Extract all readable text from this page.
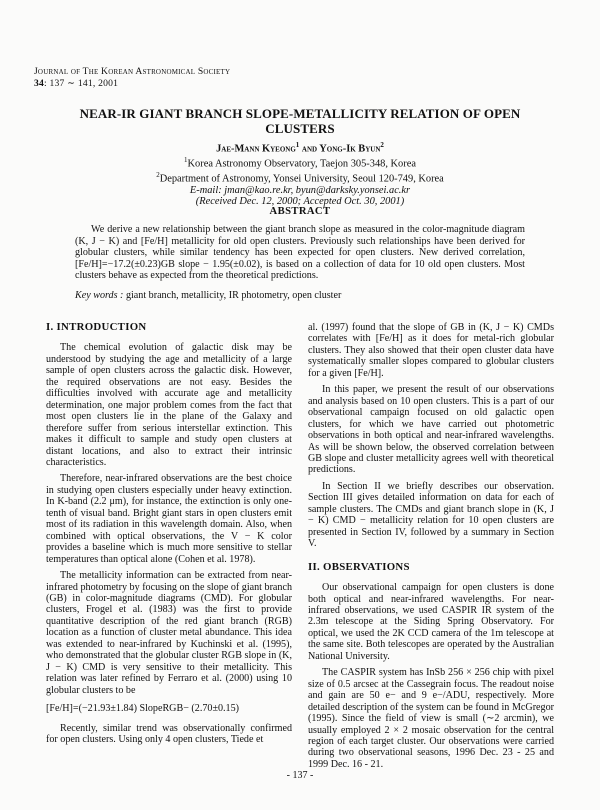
Journal of The Korean Astronomical Society
34: 137 ∼ 141, 2001
NEAR-IR GIANT BRANCH SLOPE-METALLICITY RELATION OF OPEN CLUSTERS
Jae-Mann Kyeong$^1$ and Yong-Ik Byun$^2$
$^1$Korea Astronomy Observatory, Taejon 305-348, Korea
$^2$Department of Astronomy, Yonsei University, Seoul 120-749, Korea
E-mail: jman@kao.re.kr, byun@darksky.yonsei.ac.kr
(Received Dec. 12, 2000; Accepted Oct. 30, 2001)
ABSTRACT
We derive a new relationship between the giant branch slope as measured in the color-magnitude diagram (K, J − K) and [Fe/H] metallicity for old open clusters. Previously such relationships have been derived for globular clusters, while similar tendency has been expected for open clusters. New derived correlation, [Fe/H]=−17.2(±0.23)GB slope − 1.95(±0.02), is based on a collection of data for 10 old open clusters. Most clusters behave as expected from the theoretical predictions.
Key words : giant branch, metallicity, IR photometry, open cluster
I. INTRODUCTION

The chemical evolution of galactic disk may be understood by studying the age and metallicity of a large sample of open clusters across the galactic disk. However, the required observations are not easy. Besides the difficulties involved with accurate age and metallicity determination, one major problem comes from the fact that most open clusters lie in the plane of the Galaxy and therefore suffer from serious interstellar extinction. This makes it difficult to sample and study open clusters at distant locations, and also to extract their intrinsic characteristics.

Therefore, near-infrared observations are the best choice in studying open clusters especially under heavy extinction. In K-band (2.2 μm), for instance, the extinction is only one-tenth of visual band. Bright giant stars in open clusters emit most of its radiation in this wavelength domain. Also, when combined with optical observations, the V − K color provides a baseline which is much more sensitive to stellar temperatures than optical alone (Cohen et al. 1978).

The metallicity information can be extracted from near-infrared photometry by focusing on the slope of giant branch (GB) in color-magnitude diagrams (CMD). For globular clusters, Frogel et al. (1983) was the first to provide quantitative description of the red giant branch (RGB) location as a function of cluster metal abundance. This idea was extended to near-infrared by Kuchinski et al. (1995), who demonstrated that the globular cluster RGB slope in (K, J − K) CMD is very sensitive to their metallicity. This relation was later refined by Ferraro et al. (2000) using 10 globular clusters to be

[Fe/H]=(−21.93±1.84) SlopeRGB− (2.70±0.15)

Recently, similar trend was observationally confirmed for open clusters. Using only 4 open clusters, Tiede et

al. (1997) found that the slope of GB in (K, J − K) CMDs correlates with [Fe/H] as it does for metal-rich globular clusters. They also showed that their open cluster data have systematically smaller slopes compared to globular clusters for a given [Fe/H].

In this paper, we present the result of our observations and analysis based on 10 open clusters. This is a part of our observational campaign focused on old galactic open clusters, for which we have carried out photometric observations in both optical and near-infrared wavelengths. As will be shown below, the observed correlation between GB slope and cluster metallicity agrees well with theoretical predictions.

In Section II we briefly describes our observation. Section III gives detailed information on data for each of sample clusters. The CMDs and giant branch slope in (K, J − K) CMD − metallicity relation for 10 open clusters are presented in Section IV, followed by a summary in Section V.

II. OBSERVATIONS

Our observational campaign for open clusters is done both optical and near-infrared wavelengths. For near-infrared observations, we used CASPIR IR system of the 2.3m telescope at the Siding Spring Observatory. For optical, we used the 2K CCD camera of the 1m telescope at the same site. Both telescopes are operated by the Australian National University.

The CASPIR system has InSb 256 × 256 chip with pixel size of 0.5 arcsec at the Cassegrain focus. The readout noise and gain are 50 e− and 9 e−/ADU, respectively. More detailed description of the system can be found in McGregor (1995). Since the field of view is small (∼2 arcmin), we usually employed 2 × 2 mosaic observation for the central region of each target cluster. Our observations were carried during two observational seasons, 1996 Dec. 23 - 25 and 1999 Dec. 16 - 21.

- 137 -
